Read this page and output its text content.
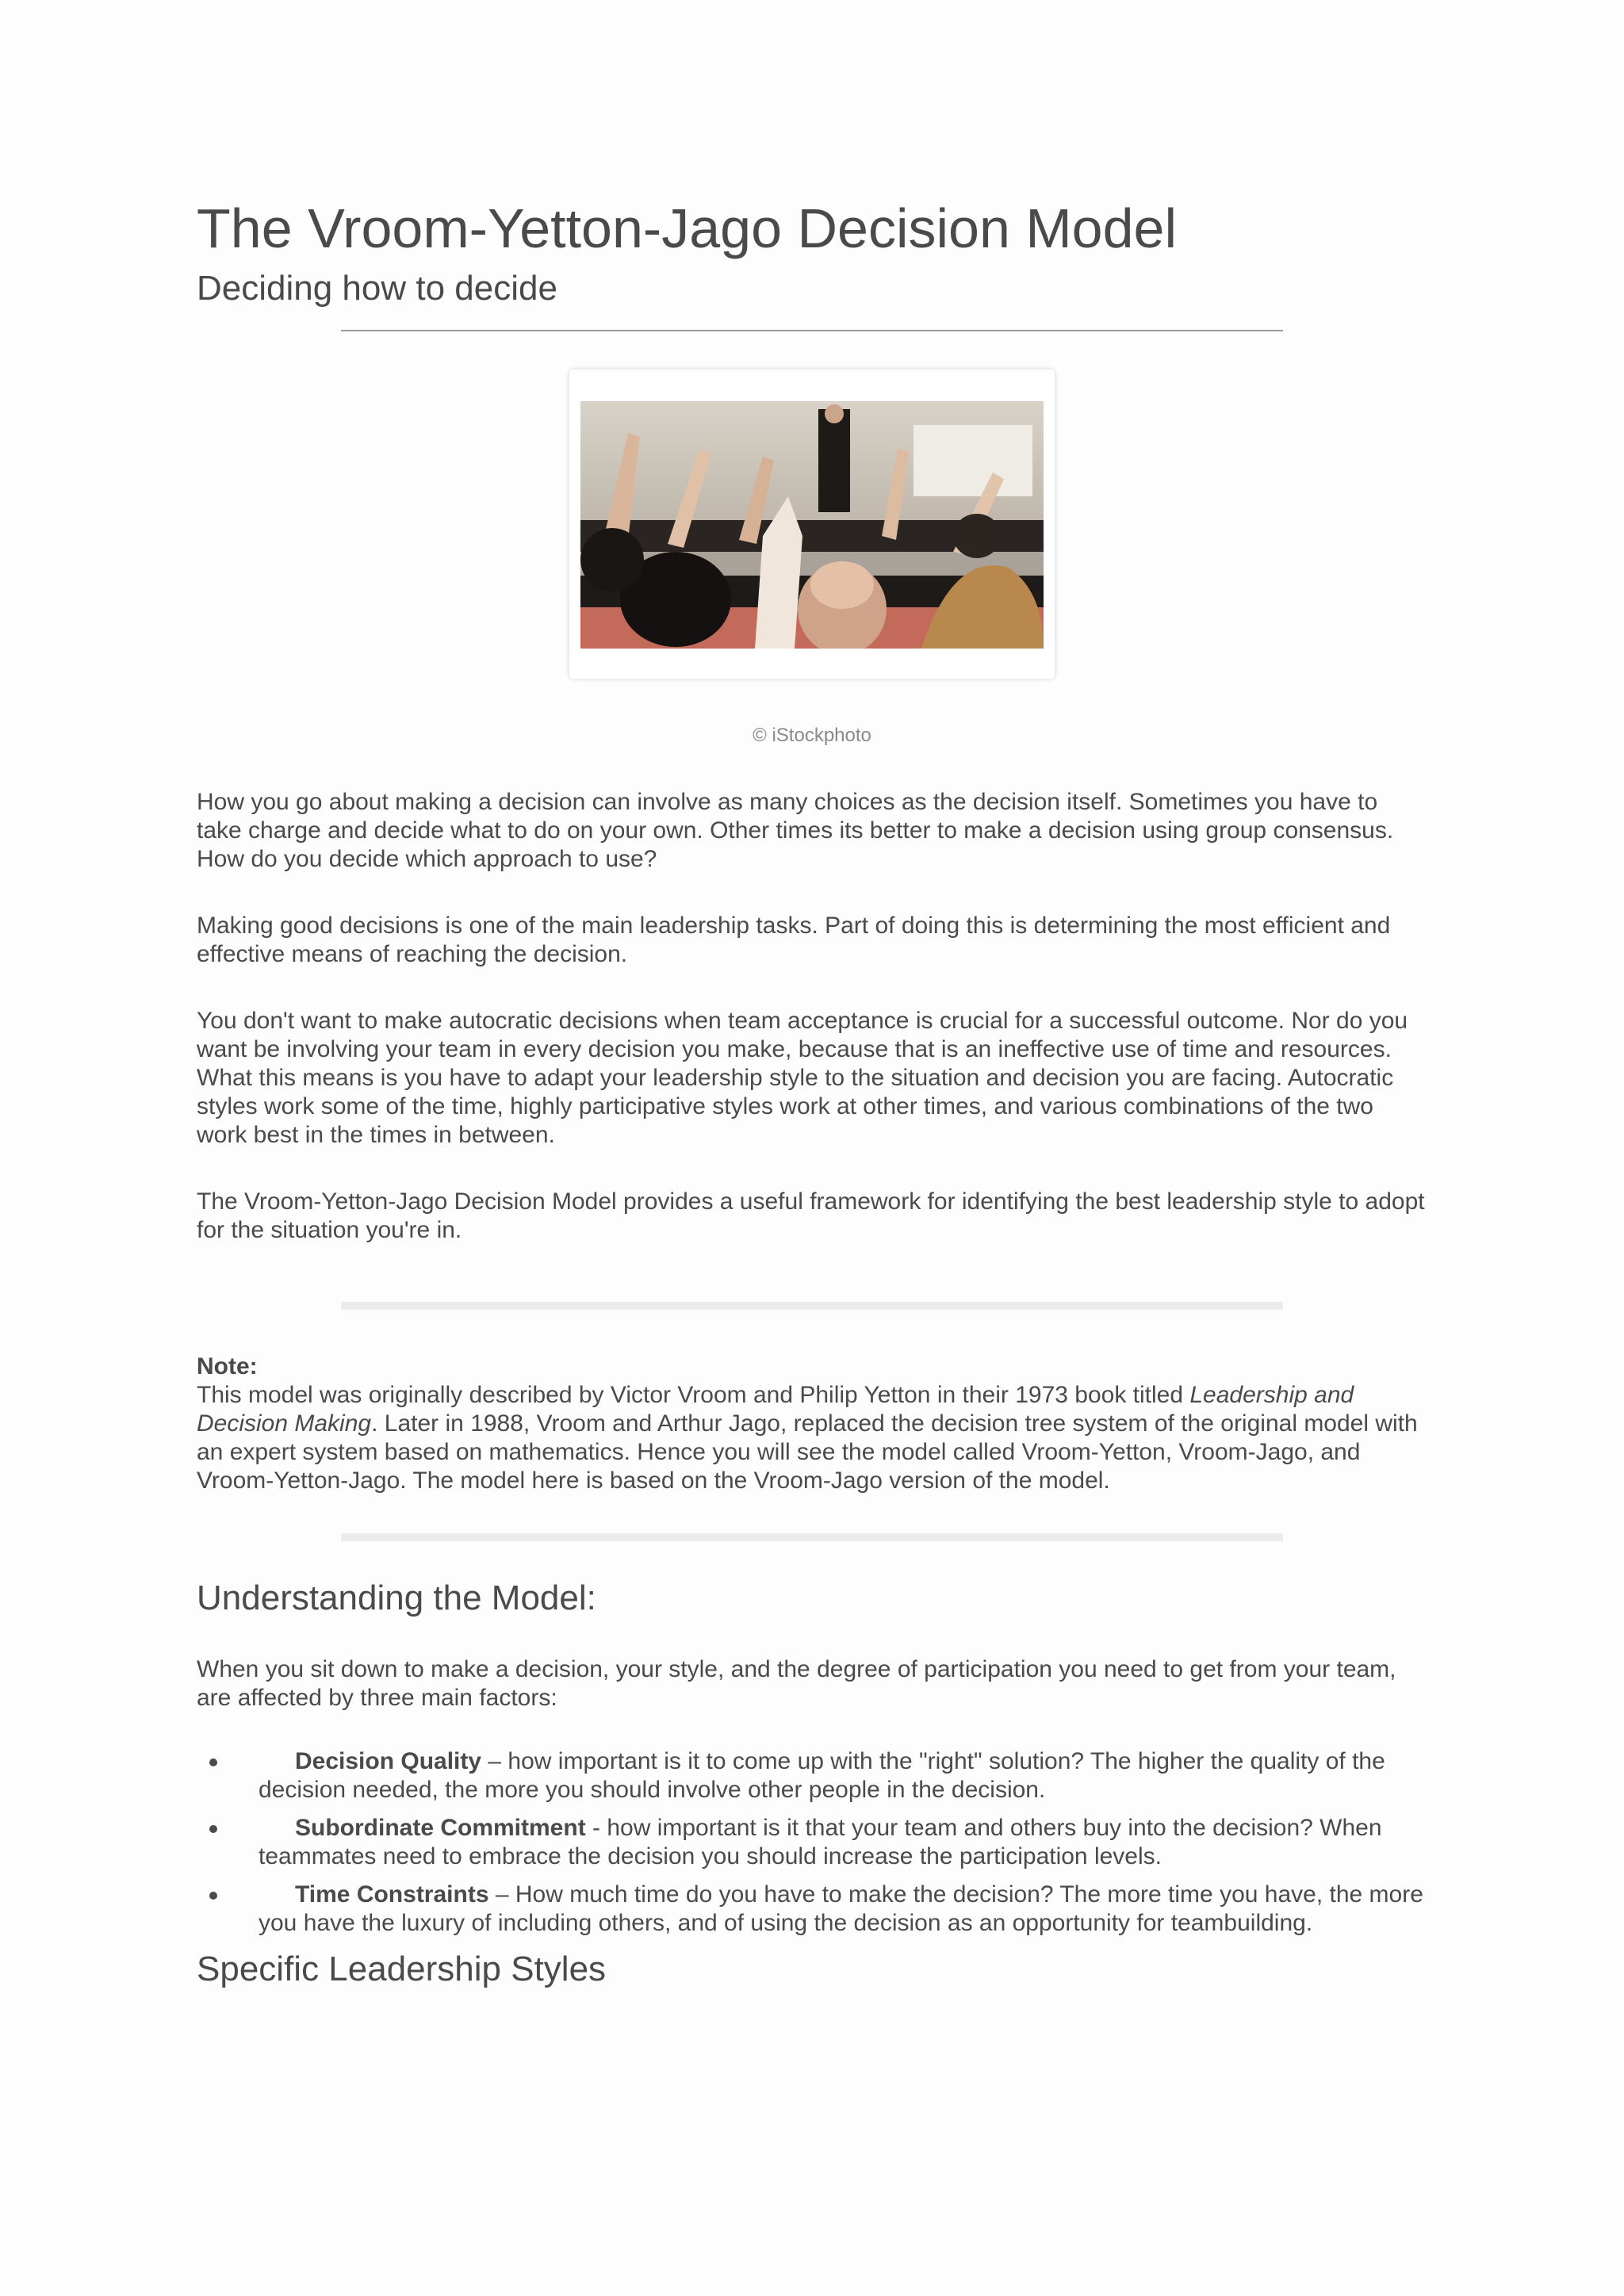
The Vroom-Yetton-Jago Decision Model
Deciding how to decide
© iStockphoto

How you go about making a decision can involve as many choices as the decision itself. Sometimes you have to take charge and decide what to do on your own. Other times its better to make a decision using group consensus. How do you decide which approach to use?

Making good decisions is one of the main leadership tasks. Part of doing this is determining the most efficient and effective means of reaching the decision.

You don't want to make autocratic decisions when team acceptance is crucial for a successful outcome. Nor do you want be involving your team in every decision you make, because that is an ineffective use of time and resources. What this means is you have to adapt your leadership style to the situation and decision you are facing. Autocratic styles work some of the time, highly participative styles work at other times, and various combinations of the two work best in the times in between.

The Vroom-Yetton-Jago Decision Model provides a useful framework for identifying the best leadership style to adopt for the situation you're in.

Note:

This model was originally described by Victor Vroom and Philip Yetton in their 1973 book titled Leadership and Decision Making. Later in 1988, Vroom and Arthur Jago, replaced the decision tree system of the original model with an expert system based on mathematics. Hence you will see the model called Vroom-Yetton, Vroom-Jago, and Vroom-Yetton-Jago. The model here is based on the Vroom-Jago version of the model.

Understanding the Model:

When you sit down to make a decision, your style, and the degree of participation you need to get from your team, are affected by three main factors:

Decision Quality – how important is it to come up with the "right" solution? The higher the quality of the decision needed, the more you should involve other people in the decision.
Subordinate Commitment - how important is it that your team and others buy into the decision? When teammates need to embrace the decision you should increase the participation levels.
Time Constraints – How much time do you have to make the decision? The more time you have, the more you have the luxury of including others, and of using the decision as an opportunity for teambuilding.
Specific Leadership Styles
